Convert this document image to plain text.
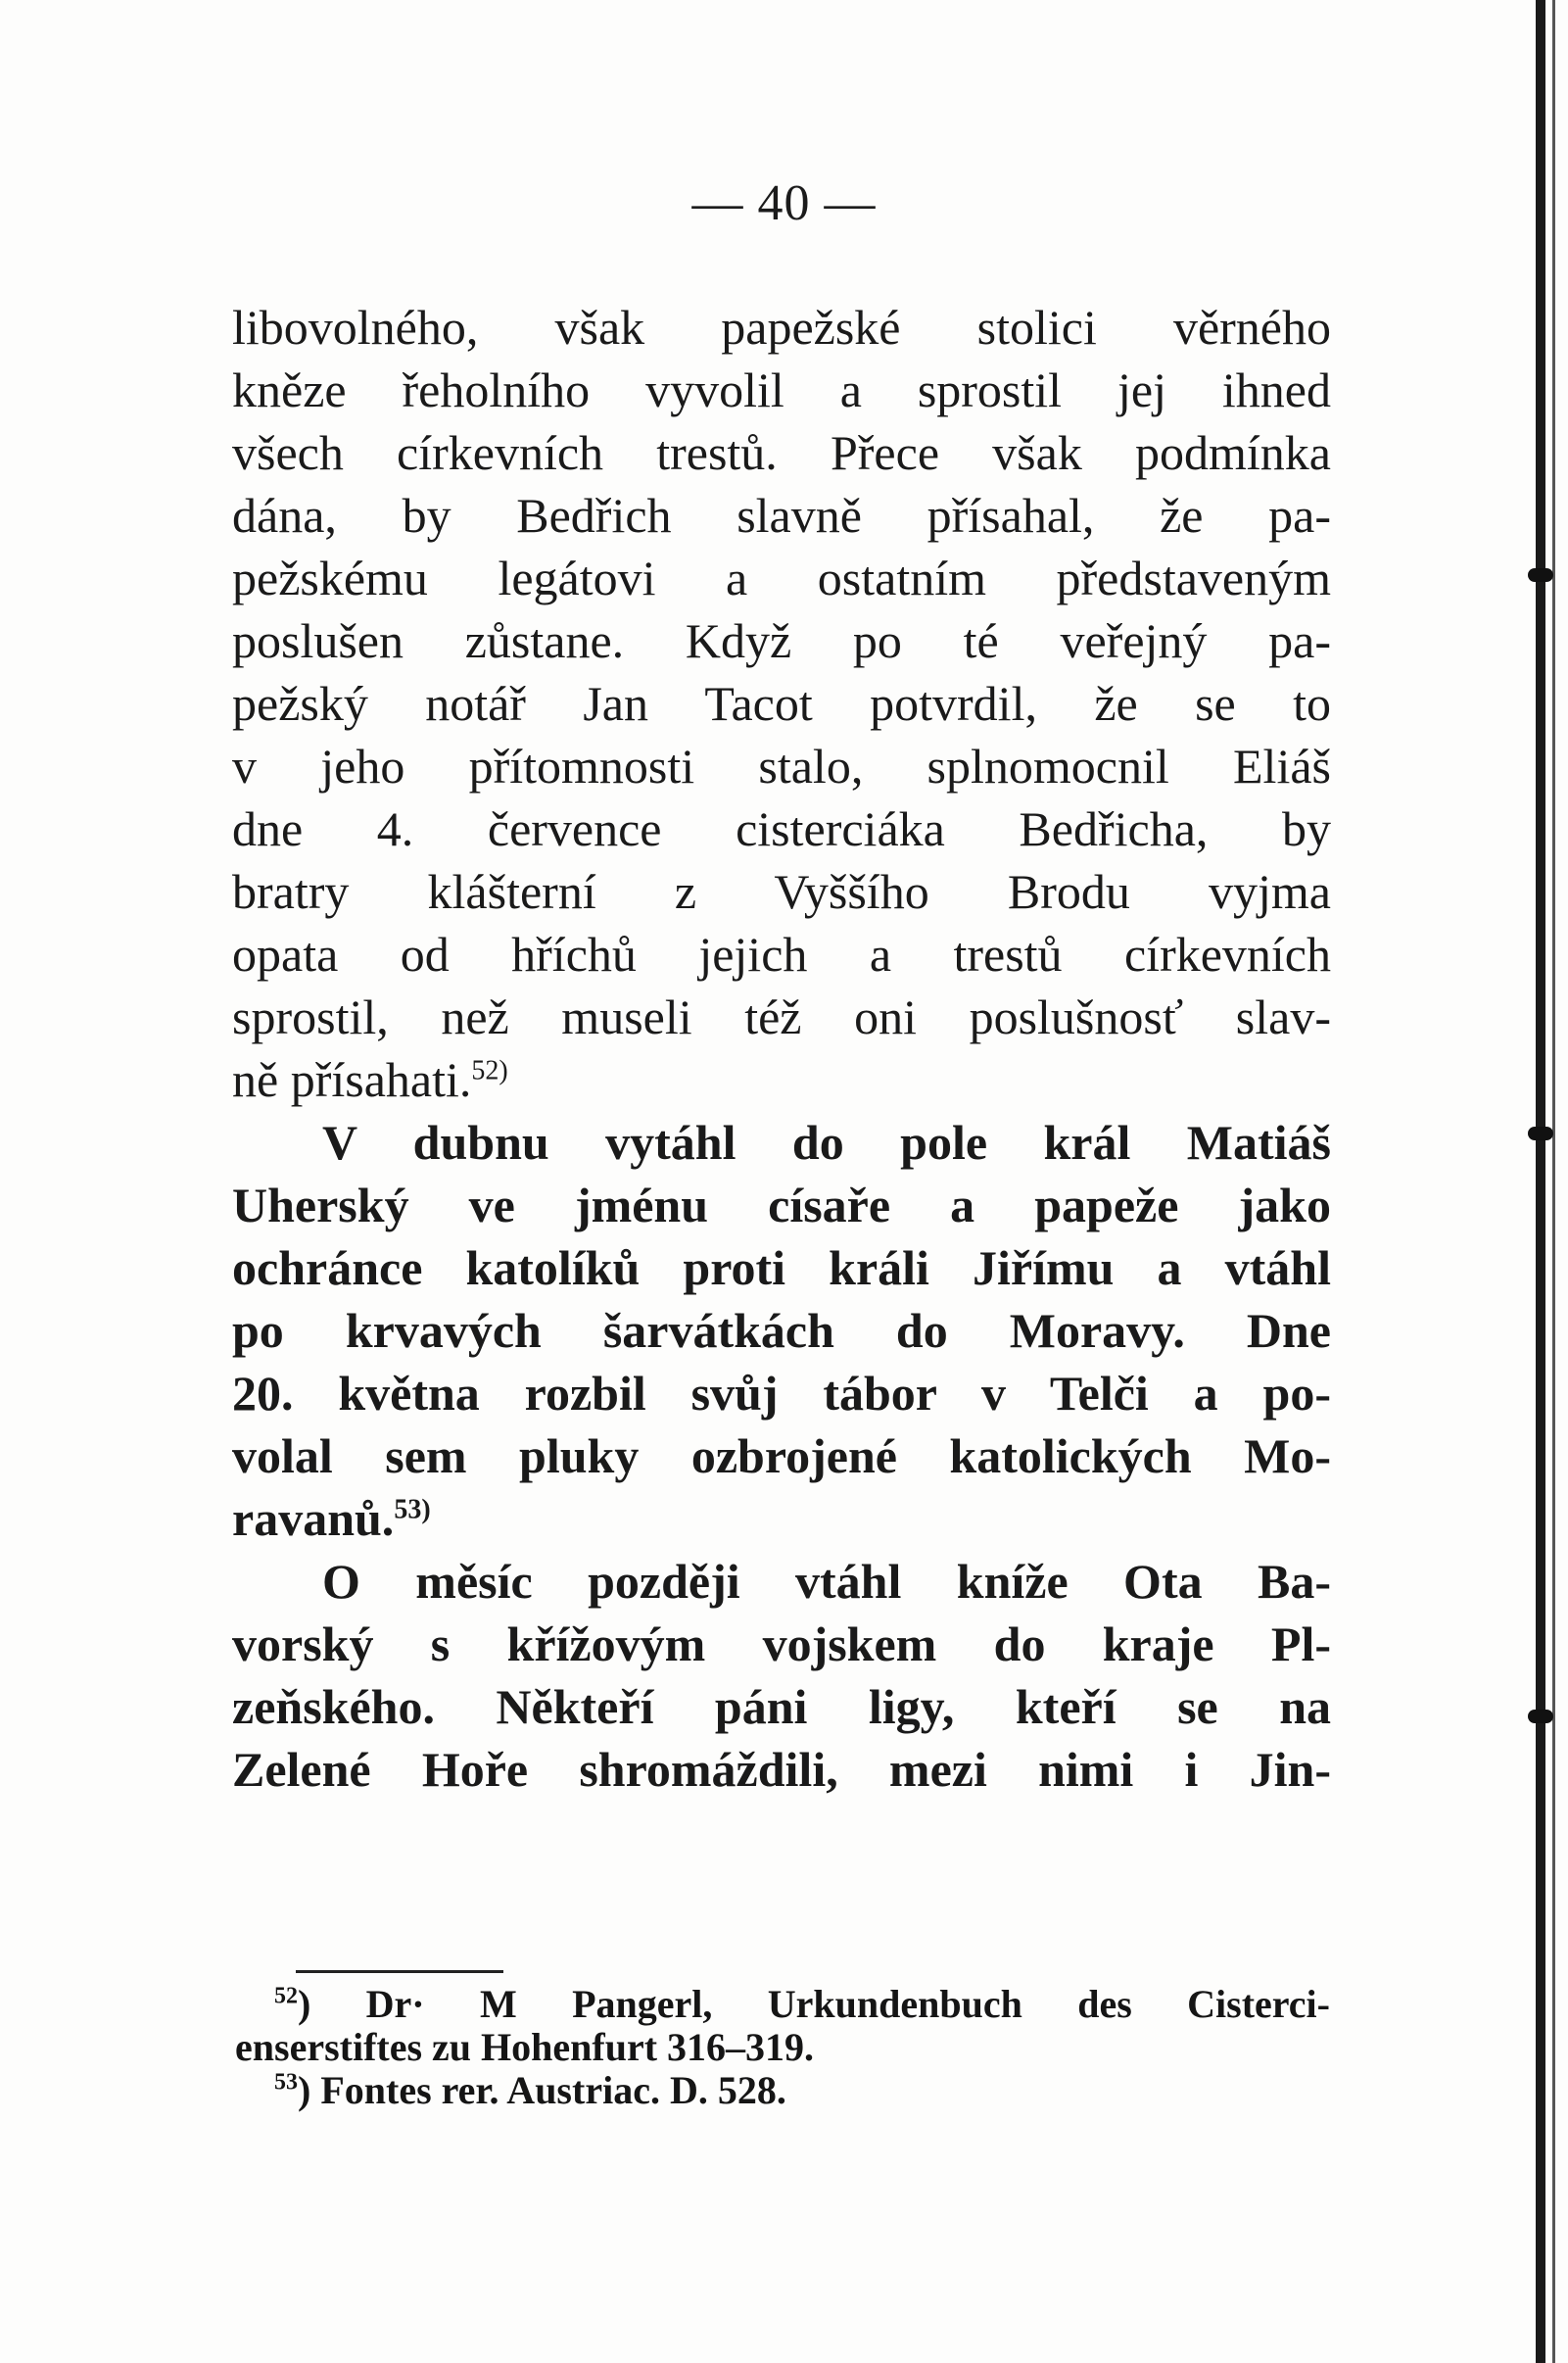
— 40 —
libovolného, však papežské stolici věrného
kněze řeholního vyvolil a sprostil jej ihned
všech církevních trestů. Přece však podmínka
dána, by Bedřich slavně přísahal, že pa-
pežskému legátovi a ostatním představeným
poslušen zůstane. Když po té veřejný pa-
pežský notář Jan Tacot potvrdil, že se to
v jeho přítomnosti stalo, splnomocnil Eliáš
dne 4. července cisterciáka Bedřicha, by
bratry klášterní z Vyššího Brodu vyjma
opata od hříchů jejich a trestů církevních
sprostil, než museli též oni poslušnosť slav-
ně přísahati.$^{52)}$
V dubnu vytáhl do pole král Matiáš
Uherský ve jménu císaře a papeže jako
ochránce katolíků proti králi Jiřímu a vtáhl
po krvavých šarvátkách do Moravy. Dne
20. května rozbil svůj tábor v Telči a po-
volal sem pluky ozbrojené katolických Mo-
ravanů.$^{53)}$
O měsíc později vtáhl kníže Ota Ba-
vorský s křížovým vojskem do kraje Pl-
zeňského. Někteří páni ligy, kteří se na
Zelené Hoře shromáždili, mezi nimi i Jin-
$^{52}$) Dr· M Pangerl, Urkundenbuch des Cisterci-
enserstiftes zu Hohenfurt 316–319.
$^{53}$) Fontes rer. Austriac. D. 528.
